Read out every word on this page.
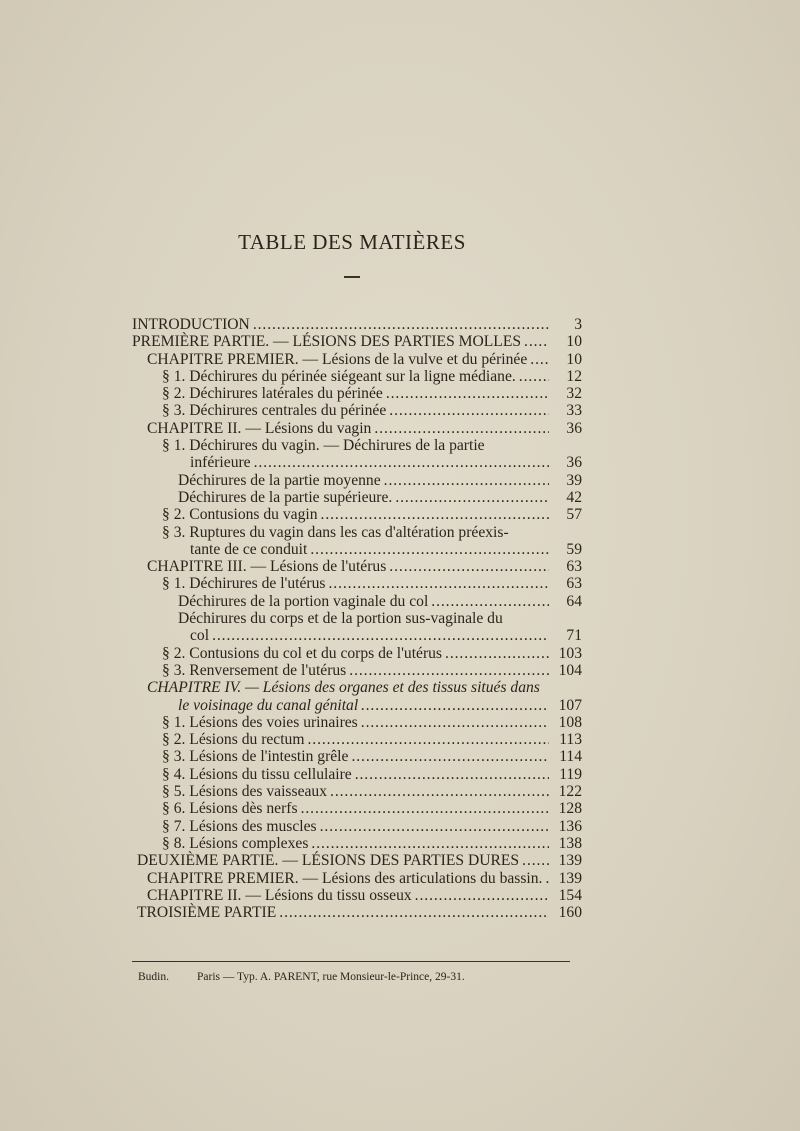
TABLE DES MATIÈRES
INTRODUCTION . . .	3
PREMIÈRE PARTIE. — LÉSIONS DES PARTIES MOLLES . . .	10
CHAPITRE PREMIER. — Lésions de la vulve et du périnée . . .	10
§ 1. Déchirures du périnée siégeant sur la ligne médiane. . . .	12
§ 2. Déchirures latérales du périnée . . .	32
§ 3. Déchirures centrales du périnée . . .	33
CHAPITRE II. — Lésions du vagin . . .	36
§ 1. Déchirures du vagin. — Déchirures de la partie
inférieure . . .	36
Déchirures de la partie moyenne . . .	39
Déchirures de la partie supérieure. . . .	42
§ 2. Contusions du vagin . . .	57
§ 3. Ruptures du vagin dans les cas d'altération préexis-
tante de ce conduit . . .	59
CHAPITRE III. — Lésions de l'utérus . . .	63
§ 1. Déchirures de l'utérus . . .	63
Déchirures de la portion vaginale du col . . .	64
Déchirures du corps et de la portion sus-vaginale du
col . . .	71
§ 2. Contusions du col et du corps de l'utérus . . .	103
§ 3. Renversement de l'utérus . . .	104
CHAPITRE IV. — Lésions des organes et des tissus situés dans
le voisinage du canal génital . . .	107
§ 1. Lésions des voies urinaires . . .	108
§ 2. Lésions du rectum . . .	113
§ 3. Lésions de l'intestin grêle . . .	114
§ 4. Lésions du tissu cellulaire . . .	119
§ 5. Lésions des vaisseaux . . .	122
§ 6. Lésions dès nerfs . . .	128
§ 7. Lésions des muscles . . .	136
§ 8. Lésions complexes . . .	138
DEUXIÈME PARTIE. — LÉSIONS DES PARTIES DURES . . .	139
CHAPITRE PREMIER. — Lésions des articulations du bassin. . . .	139
CHAPITRE II. — Lésions du tissu osseux . . .	154
TROISIÈME PARTIE . . .	160
Budin. Paris — Typ. A. PARENT, rue Monsieur-le-Prince, 29-31.
